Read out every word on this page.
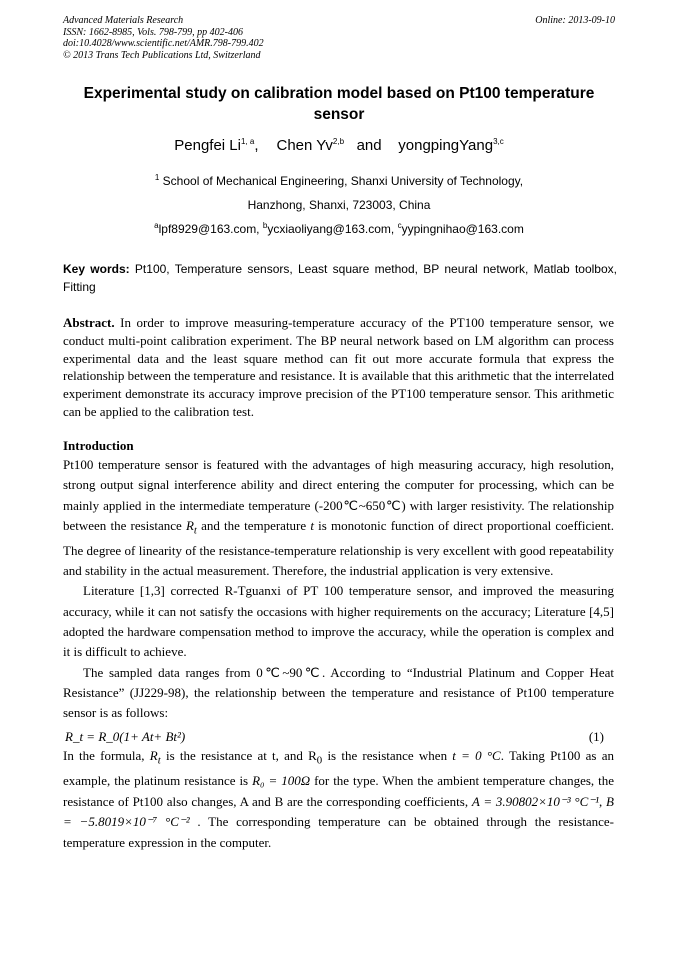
Advanced Materials Research
ISSN: 1662-8985, Vols. 798-799, pp 402-406
doi:10.4028/www.scientific.net/AMR.798-799.402
© 2013 Trans Tech Publications Ltd, Switzerland
Online: 2013-09-10
Experimental study on calibration model based on Pt100 temperature sensor
Pengfei Li$^{1, a}$, Chen Yv$^{2,b}$ and yongpingYang$^{3,c}$
$^1$ School of Mechanical Engineering, Shanxi University of Technology,
Hanzhong, Shanxi, 723003, China
$^a$lpf8929@163.com, $^b$ycxiaoliyang@163.com, $^c$yypingnihao@163.com
Key words: Pt100, Temperature sensors, Least square method, BP neural network, Matlab toolbox, Fitting
Abstract. In order to improve measuring-temperature accuracy of the PT100 temperature sensor, we conduct multi-point calibration experiment. The BP neural network based on LM algorithm can process experimental data and the least square method can fit out more accurate formula that express the relationship between the temperature and resistance. It is available that this arithmetic that the interrelated experiment demonstrate its accuracy improve precision of the PT100 temperature sensor. This arithmetic can be applied to the calibration test.
Introduction

Pt100 temperature sensor is featured with the advantages of high measuring accuracy, high resolution, strong output signal interference ability and direct entering the computer for processing, which can be mainly applied in the intermediate temperature (-200℃~650℃) with larger resistivity. The relationship between the resistance $R_t$ and the temperature t is monotonic function of direct proportional coefficient. The degree of linearity of the resistance-temperature relationship is very excellent with good repeatability and stability in the actual measurement. Therefore, the industrial application is very extensive.

Literature [1,3] corrected R-Tguanxi of PT 100 temperature sensor, and improved the measuring accuracy, while it can not satisfy the occasions with higher requirements on the accuracy; Literature [4,5] adopted the hardware compensation method to improve the accuracy, while the operation is complex and it is difficult to achieve.

The sampled data ranges from 0℃~90℃. According to “Industrial Platinum and Copper Heat Resistance” (JJ229-98), the relationship between the temperature and resistance of Pt100 temperature sensor is as follows:

R_t = R_0(1+ At+ Bt²)	(1)

In the formula, $R_t$ is the resistance at t, and $R_0$ is the resistance when t = 0 °C. Taking Pt100 as an example, the platinum resistance is R₀ = 100Ω for the type. When the ambient temperature changes, the resistance of Pt100 also changes, A and B are the corresponding coefficients, A = 3.90802×10⁻³ °C⁻¹, B = −5.8019×10⁻⁷ °C⁻² . The corresponding temperature can be obtained through the resistance-temperature expression in the computer.
